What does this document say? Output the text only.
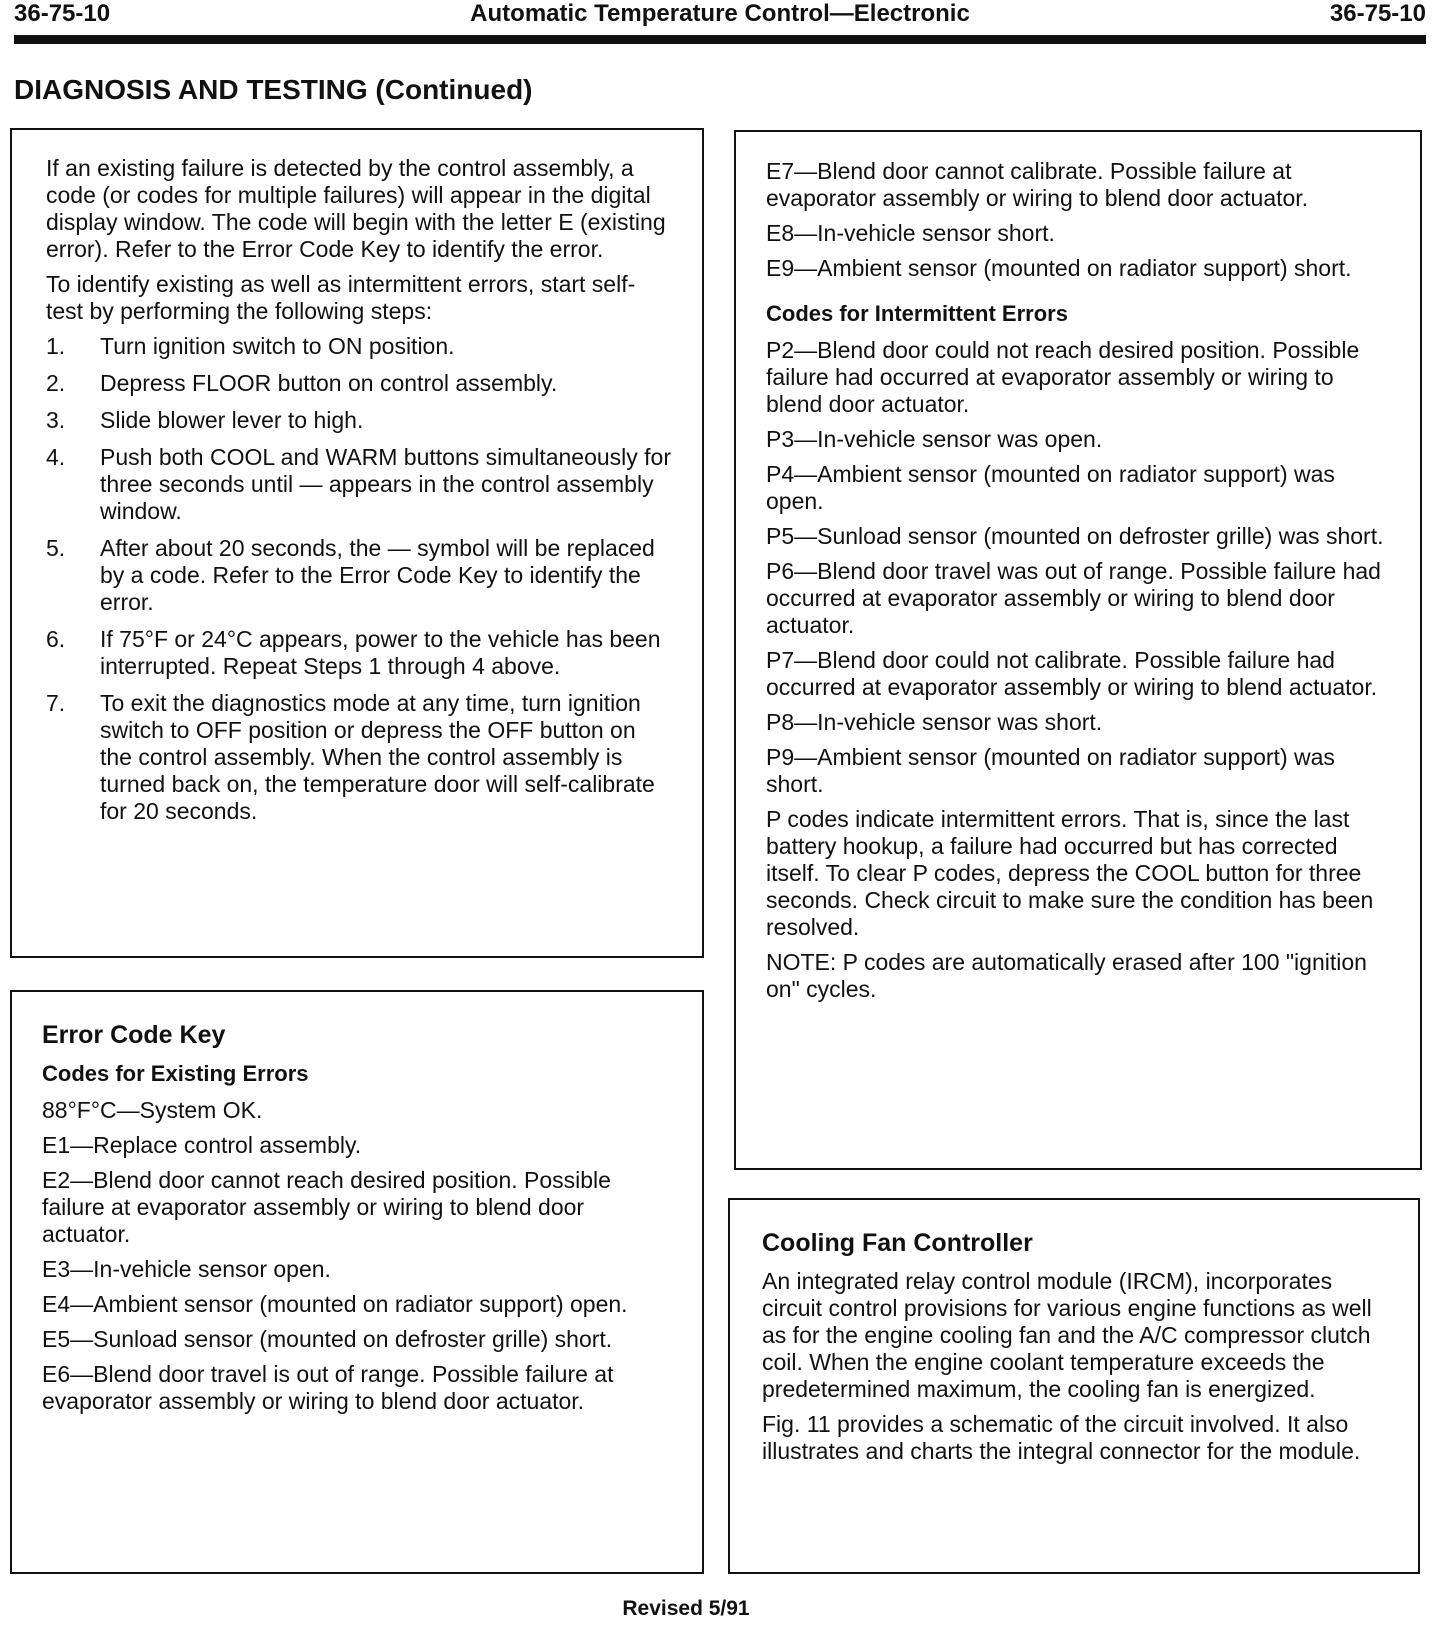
36-75-10	Automatic Temperature Control—Electronic	36-75-10
DIAGNOSIS AND TESTING (Continued)

If an existing failure is detected by the control assembly, a code (or codes for multiple failures) will appear in the digital display window. The code will begin with the letter E (existing error). Refer to the Error Code Key to identify the error.

To identify existing as well as intermittent errors, start self-test by performing the following steps:

1. Turn ignition switch to ON position.
2. Depress FLOOR button on control assembly.
3. Slide blower lever to high.
4. Push both COOL and WARM buttons simultaneously for three seconds until — appears in the control assembly window.
5. After about 20 seconds, the — symbol will be replaced by a code. Refer to the Error Code Key to identify the error.
6. If 75°F or 24°C appears, power to the vehicle has been interrupted. Repeat Steps 1 through 4 above.
7. To exit the diagnostics mode at any time, turn ignition switch to OFF position or depress the OFF button on the control assembly. When the control assembly is turned back on, the temperature door will self-calibrate for 20 seconds.
Error Code Key
Codes for Existing Errors

88°F°C—System OK.

E1—Replace control assembly.

E2—Blend door cannot reach desired position. Possible failure at evaporator assembly or wiring to blend door actuator.

E3—In-vehicle sensor open.

E4—Ambient sensor (mounted on radiator support) open.

E5—Sunload sensor (mounted on defroster grille) short.

E6—Blend door travel is out of range. Possible failure at evaporator assembly or wiring to blend door actuator.

E7—Blend door cannot calibrate. Possible failure at evaporator assembly or wiring to blend door actuator.

E8—In-vehicle sensor short.

E9—Ambient sensor (mounted on radiator support) short.

Codes for Intermittent Errors

P2—Blend door could not reach desired position. Possible failure had occurred at evaporator assembly or wiring to blend door actuator.

P3—In-vehicle sensor was open.

P4—Ambient sensor (mounted on radiator support) was open.

P5—Sunload sensor (mounted on defroster grille) was short.

P6—Blend door travel was out of range. Possible failure had occurred at evaporator assembly or wiring to blend door actuator.

P7—Blend door could not calibrate. Possible failure had occurred at evaporator assembly or wiring to blend actuator.

P8—In-vehicle sensor was short.

P9—Ambient sensor (mounted on radiator support) was short.

P codes indicate intermittent errors. That is, since the last battery hookup, a failure had occurred but has corrected itself. To clear P codes, depress the COOL button for three seconds. Check circuit to make sure the condition has been resolved.

NOTE: P codes are automatically erased after 100 "ignition on" cycles.

Cooling Fan Controller

An integrated relay control module (IRCM), incorporates circuit control provisions for various engine functions as well as for the engine cooling fan and the A/C compressor clutch coil. When the engine coolant temperature exceeds the predetermined maximum, the cooling fan is energized.

Fig. 11 provides a schematic of the circuit involved. It also illustrates and charts the integral connector for the module.

Revised 5/91
